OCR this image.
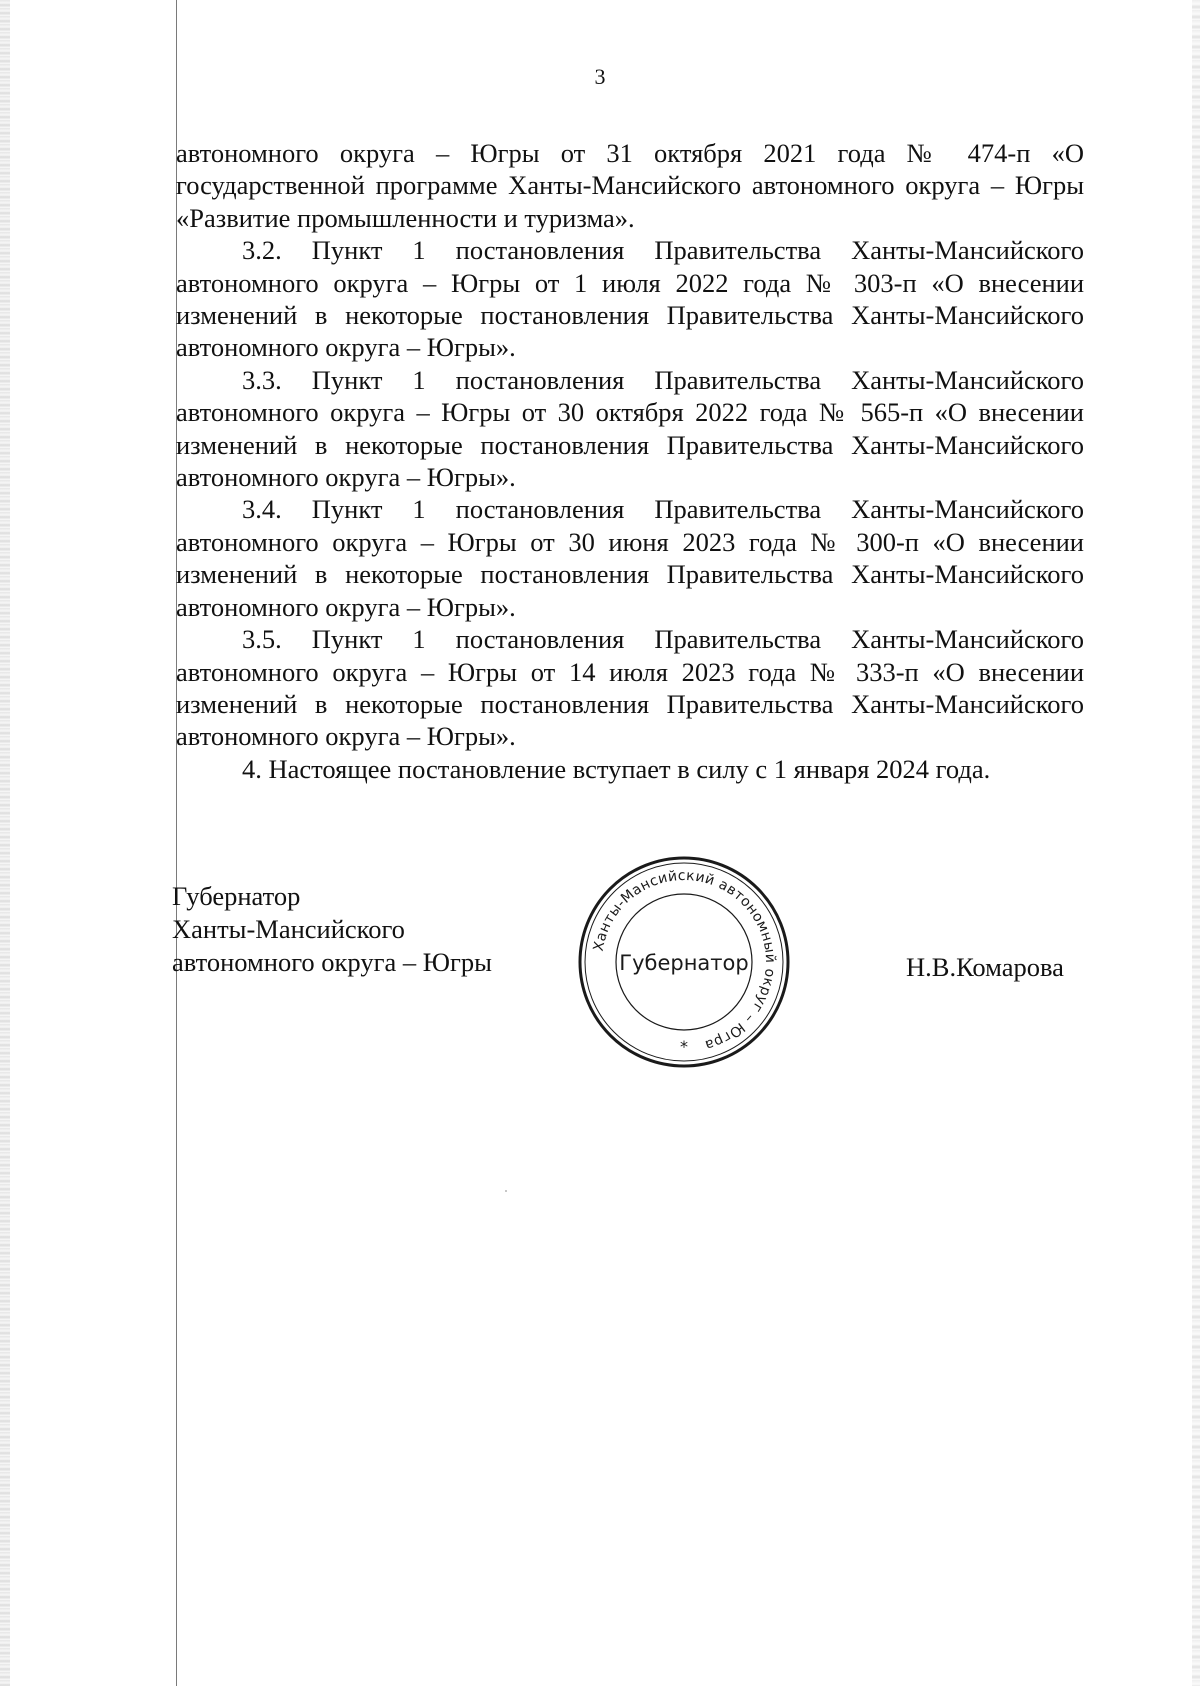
3

автономного округа – Югры от 31 октября 2021 года № 474-п «О государственной программе Ханты-Мансийского автономного округа – Югры «Развитие промышленности и туризма».

3.2. Пункт 1 постановления Правительства Ханты-Мансийского автономного округа – Югры от 1 июля 2022 года № 303-п «О внесении изменений в некоторые постановления Правительства Ханты-Мансийского автономного округа – Югры».

3.3. Пункт 1 постановления Правительства Ханты-Мансийского автономного округа – Югры от 30 октября 2022 года № 565-п «О внесении изменений в некоторые постановления Правительства Ханты-Мансийского автономного округа – Югры».

3.4. Пункт 1 постановления Правительства Ханты-Мансийского автономного округа – Югры от 30 июня 2023 года № 300-п «О внесении изменений в некоторые постановления Правительства Ханты-Мансийского автономного округа – Югры».

3.5. Пункт 1 постановления Правительства Ханты-Мансийского автономного округа – Югры от 14 июля 2023 года № 333-п «О внесении изменений в некоторые постановления Правительства Ханты-Мансийского автономного округа – Югры».

4. Настоящее постановление вступает в силу с 1 января 2024 года.

Губернатор
Ханты-Мансийского
автономного округа – Югры
Ханты-Мансийский автономный округ – Югра
Губернатор
*
Н.В.Комарова
